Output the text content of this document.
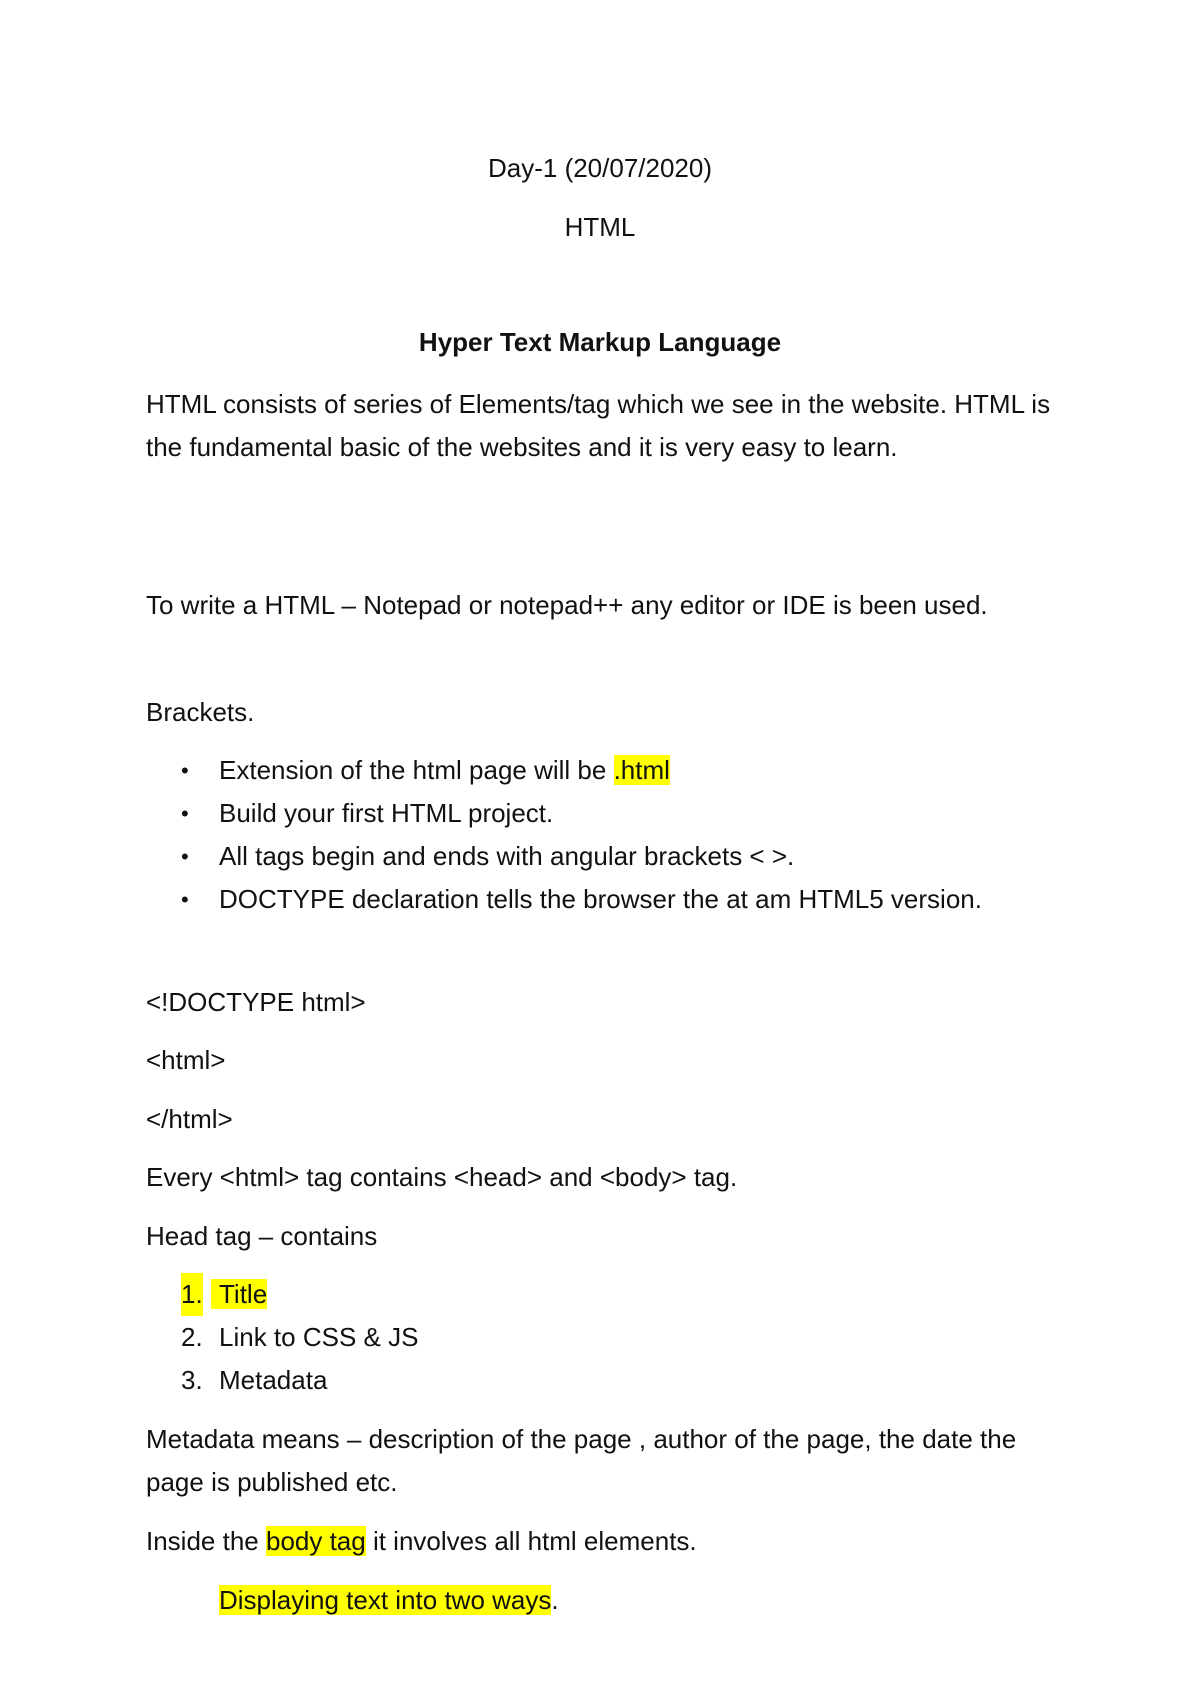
Day-1 (20/07/2020)
HTML
Hyper Text Markup Language
HTML consists of series of Elements/tag which we see in the website. HTML is the fundamental basic of the websites and it is very easy to learn.
To write a HTML – Notepad or notepad++ any editor or IDE is been used.
Brackets.
• Extension of the html page will be .html
• Build your first HTML project.
• All tags begin and ends with angular brackets < >.
• DOCTYPE declaration tells the browser the at am HTML5 version.
<!DOCTYPE html>
<html>
</html>
Every <html> tag contains <head> and <body> tag.
Head tag – contains
1. Title
2. Link to CSS & JS
3. Metadata
Metadata means – description of the page , author of the page, the date the page is published etc.
Inside the body tag it involves all html elements.
Displaying text into two ways.
